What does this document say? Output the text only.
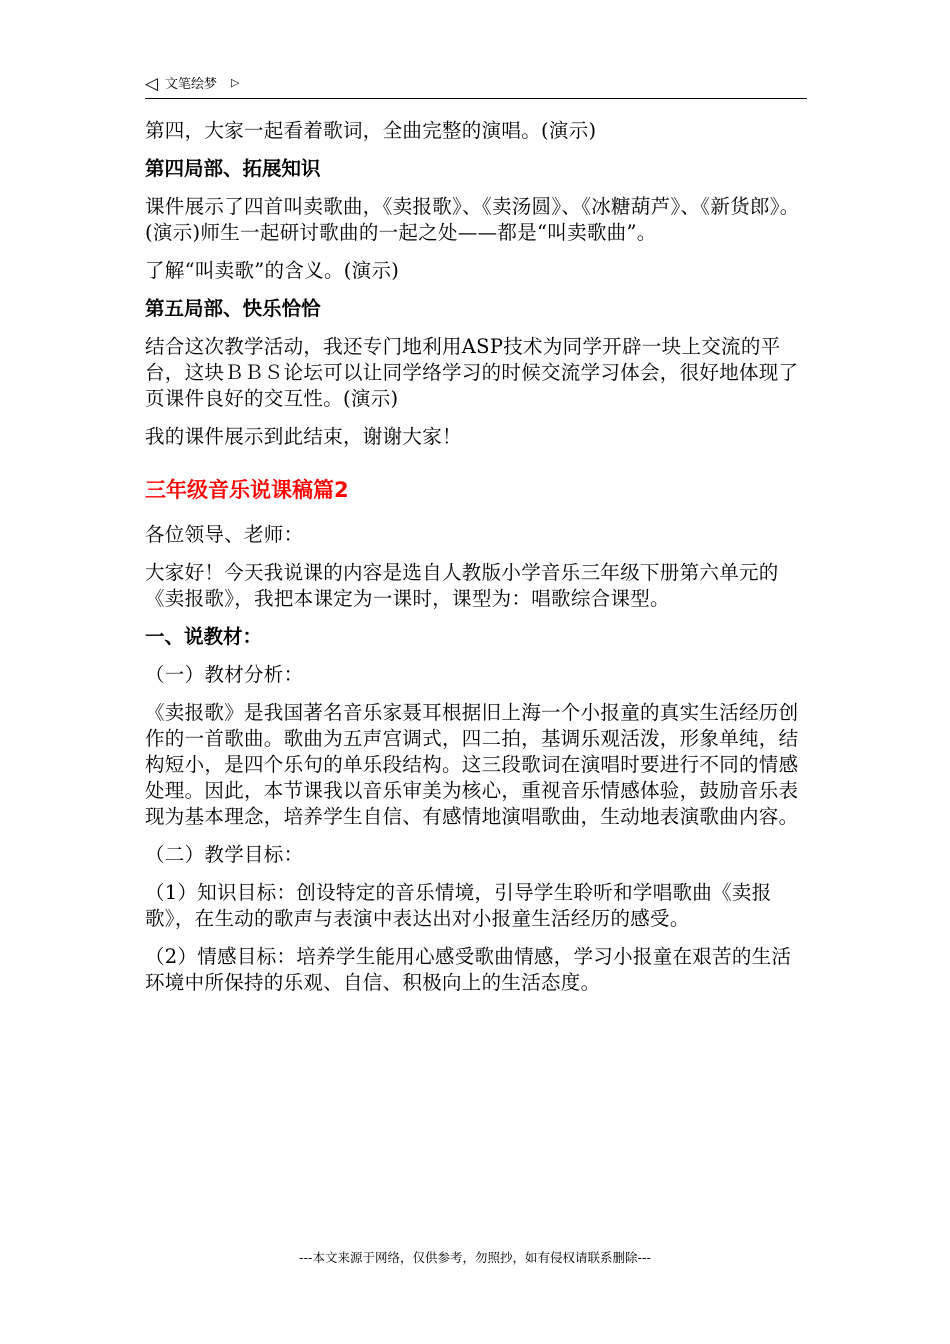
◁ 文笔绘梦 ▷

第四，大家一起看着歌词，全曲完整的演唱。(演示)

第四局部、拓展知识

课件展示了四首叫卖歌曲，《卖报歌》、《卖汤圆》、《冰糖葫芦》、《新货郎》。(演示)师生一起研讨歌曲的一起之处——都是“叫卖歌曲”。

了解“叫卖歌”的含义。(演示)

第五局部、快乐恰恰

结合这次教学活动，我还专门地利用ASP技术为同学开辟一块上交流的平台，这块ＢＢＳ论坛可以让同学络学习的时候交流学习体会，很好地体现了页课件良好的交互性。(演示)

我的课件展示到此结束，谢谢大家！

三年级音乐说课稿篇2

各位领导、老师：

大家好！今天我说课的内容是选自人教版小学音乐三年级下册第六单元的《卖报歌》，我把本课定为一课时，课型为：唱歌综合课型。

一、说教材：

（一）教材分析：

《卖报歌》是我国著名音乐家聂耳根据旧上海一个小报童的真实生活经历创作的一首歌曲。歌曲为五声宫调式，四二拍，基调乐观活泼，形象单纯，结构短小，是四个乐句的单乐段结构。这三段歌词在演唱时要进行不同的情感处理。因此，本节课我以音乐审美为核心，重视音乐情感体验，鼓励音乐表现为基本理念，培养学生自信、有感情地演唱歌曲，生动地表演歌曲内容。

（二）教学目标：

（1）知识目标：创设特定的音乐情境，引导学生聆听和学唱歌曲《卖报歌》，在生动的歌声与表演中表达出对小报童生活经历的感受。

（2）情感目标：培养学生能用心感受歌曲情感，学习小报童在艰苦的生活环境中所保持的乐观、自信、积极向上的生活态度。

---本文来源于网络，仅供参考，勿照抄，如有侵权请联系删除---
